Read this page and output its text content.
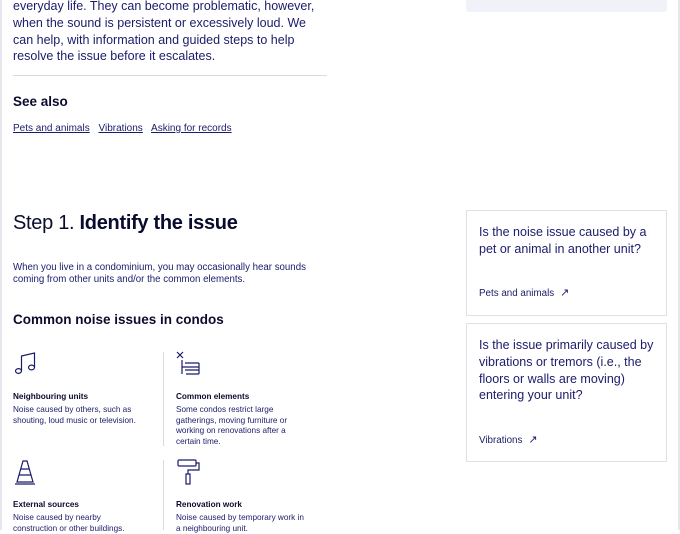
everyday life. They can become problematic, however, when the sound is persistent or excessively loud. We can help, with information and guided steps to help resolve the issue before it escalates.

See also
Pets and animals Vibrations Asking for records
Step 1. Identify the issue

When you live in a condominium, you may occasionally hear sounds coming from other units and/or the common elements.

Common noise issues in condos
Neighbouring units
Noise caused by others, such as shouting, loud music or television.
Common elements
Some condos restrict large gatherings, moving furniture or working on renovations after a certain time.
External sources
Noise caused by nearby construction or other buildings.
Renovation work
Noise caused by temporary work in a neighbouring unit.
Is the noise issue caused by a pet or animal in another unit?
Pets and animals ↗
Is the issue primarily caused by vibrations or tremors (i.e., the floors or walls are moving) entering your unit?
Vibrations ↗
